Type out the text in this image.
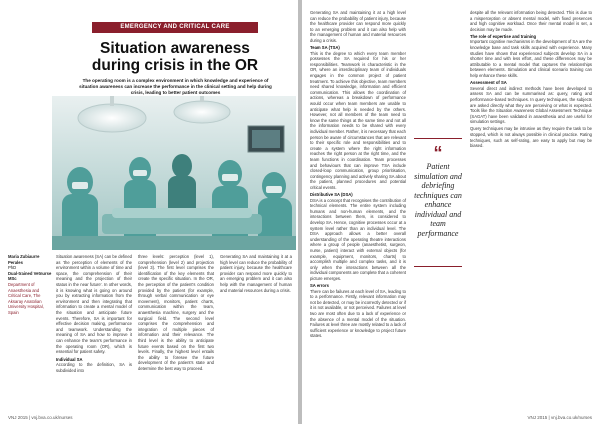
EMERGENCY AND CRITICAL CARE
Situation awareness
during crisis in the OR
The operating room is a complex environment in which knowledge and experience of situation awareness can increase the performance in the clinical setting and help during crisis, leading to better patient outcomes
Maria Zubiaurre Perales
PhD
Dual-trained Vetnurse MSc
Department of Anaesthesia and Critical Care, The Aksaray Anatolian University Hospital, Spain
Situation awareness (SA) can be defined as 'the perception of elements of the environment within a volume of time and space, the comprehension of their meaning and the projection of their status in the near future'. In other words, it is knowing what is going on around you by extracting information from the environment and then integrating that information to create a mental model of the situation and anticipate future events. Therefore, SA is important for effective decision making, performance and teamwork. Understanding the meaning of SA and how to improve it can enhance the team's performance in the operating room (OR), which is essential for patient safety.
Individual SA
According to the definition, SA is subdivided into
three levels: perception (level 1), comprehension (level 2) and projection (level 3). The first level comprises the identification of the key elements that create the specific situation. In the OR, the perception of the patient's condition provided by the patient (for example, through verbal communication or eye movement), monitors, patient charts, communication within the team, anaesthesia machine, surgery and the surgical field. The second level comprises the comprehension and integration of multiple pieces of information and their relevance. The third level is the ability to anticipate future events based on the first two levels. Finally, the highest level entails the ability to foresee the future development of the patient's state and determine the best way to proceed.
Generating SA and maintaining it at a high level can reduce the probability of patient injury, because the healthcare provider can respond more quickly to an emerging problem and it can also help with the management of human and material resources during a crisis.
VNJ 2015 | vnj.bva.co.uk/nurses

Generating SA and maintaining it at a high level can reduce the probability of patient injury, because the healthcare provider can respond more quickly to an emerging problem and it can also help with the management of human and material resources during a crisis.

Team SA (TSA)

This is the degree to which every team member possesses the SA required for his or her responsibilities. Teamwork is characteristic in the OR, where an interdisciplinary team of individuals engages in the common project of patient treatment. To achieve this objective, team members need shared knowledge, information and efficient communication. This allows the coordination of actions, whereas a breakdown of performance would occur when team members are unable to anticipate what help is needed by the others. However, not all members of the team need to know the same things at the same time and not all the information needs to be shared with every individual member. Rather, it is necessary that each person be aware of circumstances that are relevant to their specific role and responsibilities and to create a system where the right information reaches the right person at the right time, and the team functions in coordination. Team processes and behaviours that can improve TSA include closed-loop communication, group prioritisation, contingency planning and actively sharing SA about the patient, planned procedures and potential critical events.

Distributive SA (DSA)

DSA is a concept that recognises the contribution of technical elements. The entire system including humans and non-human elements, and the interactions between them, is considered to develop SA. Hence, cognitive processes occur at a system level rather than an individual level. The DSA approach allows a better overall understanding of the operating theatre interactions where a group of people (anaesthetist, surgeon, nurse, patient) interact with external objects (for example, equipment, monitors, charts) to accomplish multiple and complex tasks, and it is only when the interactions between all the individual components are complete that a coherent picture emerges.

SA errors

There can be failures at each level of SA, leading to to a performance. Firstly, relevant information may not be detected, or may be incorrectly detected or if it is not available, or not perceived. Failures at level two are most often due to a lack of experience or the absence of a mental model of the situation. Failures at level three are mostly related to a lack of sufficient experience or knowledge to project future states.

“
Patient simulation and debriefing techniques can enhance individual and team performance

despite all the relevant information being detected. This is due to a misperception or absent mental model, with fixed presences and high cognitive workload. Once their mental model is set, a decision may be made.

The role of expertise and training

Important cognitive mechanisms in the development of SA are the knowledge base and task skills acquired with experience. Many studies have shown that experienced subjects develop SA in a shorter time and with less effort, and these differences may be attributable to a mental model that captures the relationships between elements. Simulation and clinical scenario training can help enhance these skills.

Assessment of SA

Several direct and indirect methods have been developed to assess SA and can be summarised as: query, rating and performance-based techniques. In query techniques, the subjects are asked directly what they are perceiving or what is expected. Tools like the Situation Awareness Global Assessment Technique (SAGAT) have been validated in anaesthesia and are useful for simulation settings.

Query techniques may be intrusive as they require the task to be stopped, which is not always possible in clinical practice. Rating techniques, such as self-rating, are easy to apply but may be biased.

VNJ 2015 | vnj.bva.co.uk/nurses
